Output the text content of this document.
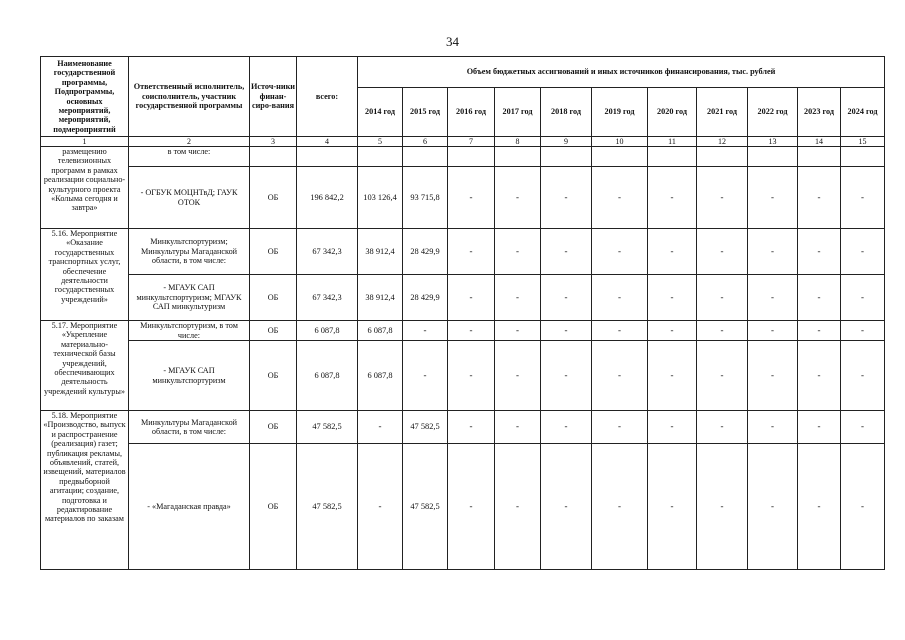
34
Наименование государственной программы, Подпрограммы, основных мероприятий, мероприятий, подмероприятий	Ответственный исполнитель, соисполнитель, участник государственной программы	Источ-ники финан-сиро-вания	всего:	Объем бюджетных ассигнований и иных источников финансирования, тыс. рублей										
				2014 год	2015 год	2016 год	2017 год	2018 год	2019 год	2020 год	2021 год	2022 год	2023 год	2024 год
1	2	3	4	5	6	7	8	9	10	11	12	13	14	15
размещению телевизионных программ в рамках реализации социально-культурного проекта «Колыма сегодня и завтра»	в том числе:													
	- ОГБУК МОЦНТвД; ГАУК ОТОК	ОБ	196 842,2	103 126,4	93 715,8	-	-	-	-	-	-	-	-	-
5.16. Мероприятие «Оказание государственных транспортных услуг, обеспечение деятельности государственных учреждений»	Минкультспортуризм; Минкультуры Магаданской области, в том числе:	ОБ	67 342,3	38 912,4	28 429,9	-	-	-	-	-	-	-	-	-
	- МГАУК САП минкультспортуризм; МГАУК САП минкультуризм	ОБ	67 342,3	38 912,4	28 429,9	-	-	-	-	-	-	-	-	-
5.17. Мероприятие «Укрепление материально-технической базы учреждений, обеспечивающих деятельность учреждений культуры»	Минкультспортуризм, в том числе:	ОБ	6 087,8	6 087,8	-	-	-	-	-	-	-	-	-	-
	- МГАУК САП минкультспортуризм	ОБ	6 087,8	6 087,8	-	-	-	-	-	-	-	-	-	-
5.18. Мероприятие «Производство, выпуск и распространение (реализация) газет; публикация рекламы, объявлений, статей, извещений, материалов предвыборной агитации; создание, подготовка и редактирование материалов по заказам	Минкультуры Магаданской области, в том числе:	ОБ	47 582,5	-	47 582,5	-	-	-	-	-	-	-	-	-
	- «Магаданская правда»	ОБ	47 582,5	-	47 582,5	-	-	-	-	-	-	-	-	-
